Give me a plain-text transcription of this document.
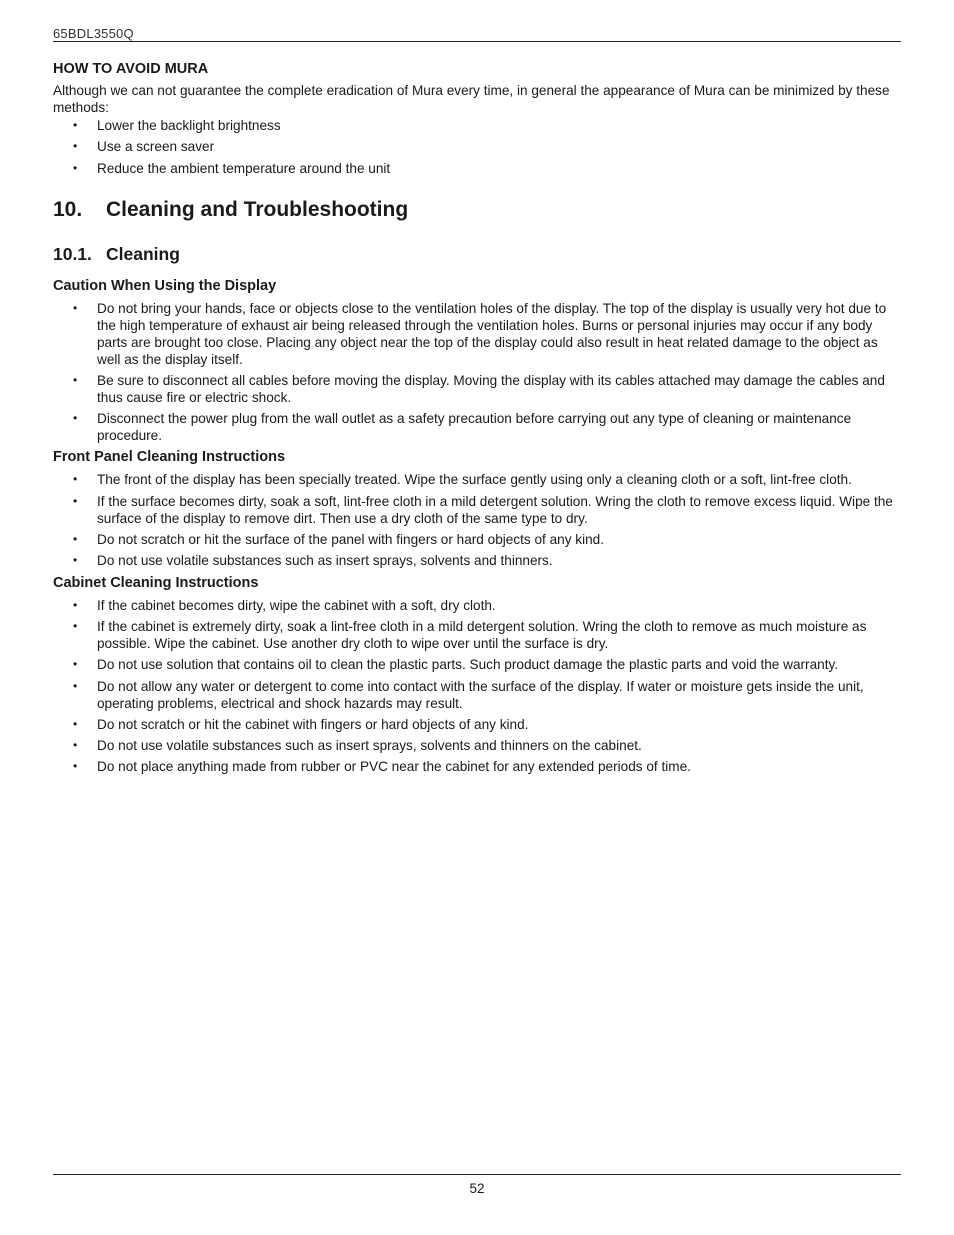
65BDL3550Q
HOW TO AVOID MURA

Although we can not guarantee the complete eradication of Mura every time, in general the appearance of Mura can be minimized by these methods:

• Lower the backlight brightness
• Use a screen saver
• Reduce the ambient temperature around the unit
10.	Cleaning and Troubleshooting
10.1. Cleaning
Caution When Using the Display
• Do not bring your hands, face or objects close to the ventilation holes of the display. The top of the display is usually very hot due to the high temperature of exhaust air being released through the ventilation holes. Burns or personal injuries may occur if any body parts are brought too close. Placing any object near the top of the display could also result in heat related damage to the object as well as the display itself.
• Be sure to disconnect all cables before moving the display. Moving the display with its cables attached may damage the cables and thus cause fire or electric shock.
• Disconnect the power plug from the wall outlet as a safety precaution before carrying out any type of cleaning or maintenance procedure.
Front Panel Cleaning Instructions
• The front of the display has been specially treated. Wipe the surface gently using only a cleaning cloth or a soft, lint-free cloth.
• If the surface becomes dirty, soak a soft, lint-free cloth in a mild detergent solution. Wring the cloth to remove excess liquid. Wipe the surface of the display to remove dirt. Then use a dry cloth of the same type to dry.
• Do not scratch or hit the surface of the panel with fingers or hard objects of any kind.
• Do not use volatile substances such as insert sprays, solvents and thinners.
Cabinet Cleaning Instructions
• If the cabinet becomes dirty, wipe the cabinet with a soft, dry cloth.
• If the cabinet is extremely dirty, soak a lint-free cloth in a mild detergent solution. Wring the cloth to remove as much moisture as possible. Wipe the cabinet. Use another dry cloth to wipe over until the surface is dry.
• Do not use solution that contains oil to clean the plastic parts. Such product damage the plastic parts and void the warranty.
• Do not allow any water or detergent to come into contact with the surface of the display. If water or moisture gets inside the unit, operating problems, electrical and shock hazards may result.
• Do not scratch or hit the cabinet with fingers or hard objects of any kind.
• Do not use volatile substances such as insert sprays, solvents and thinners on the cabinet.
• Do not place anything made from rubber or PVC near the cabinet for any extended periods of time.
52
